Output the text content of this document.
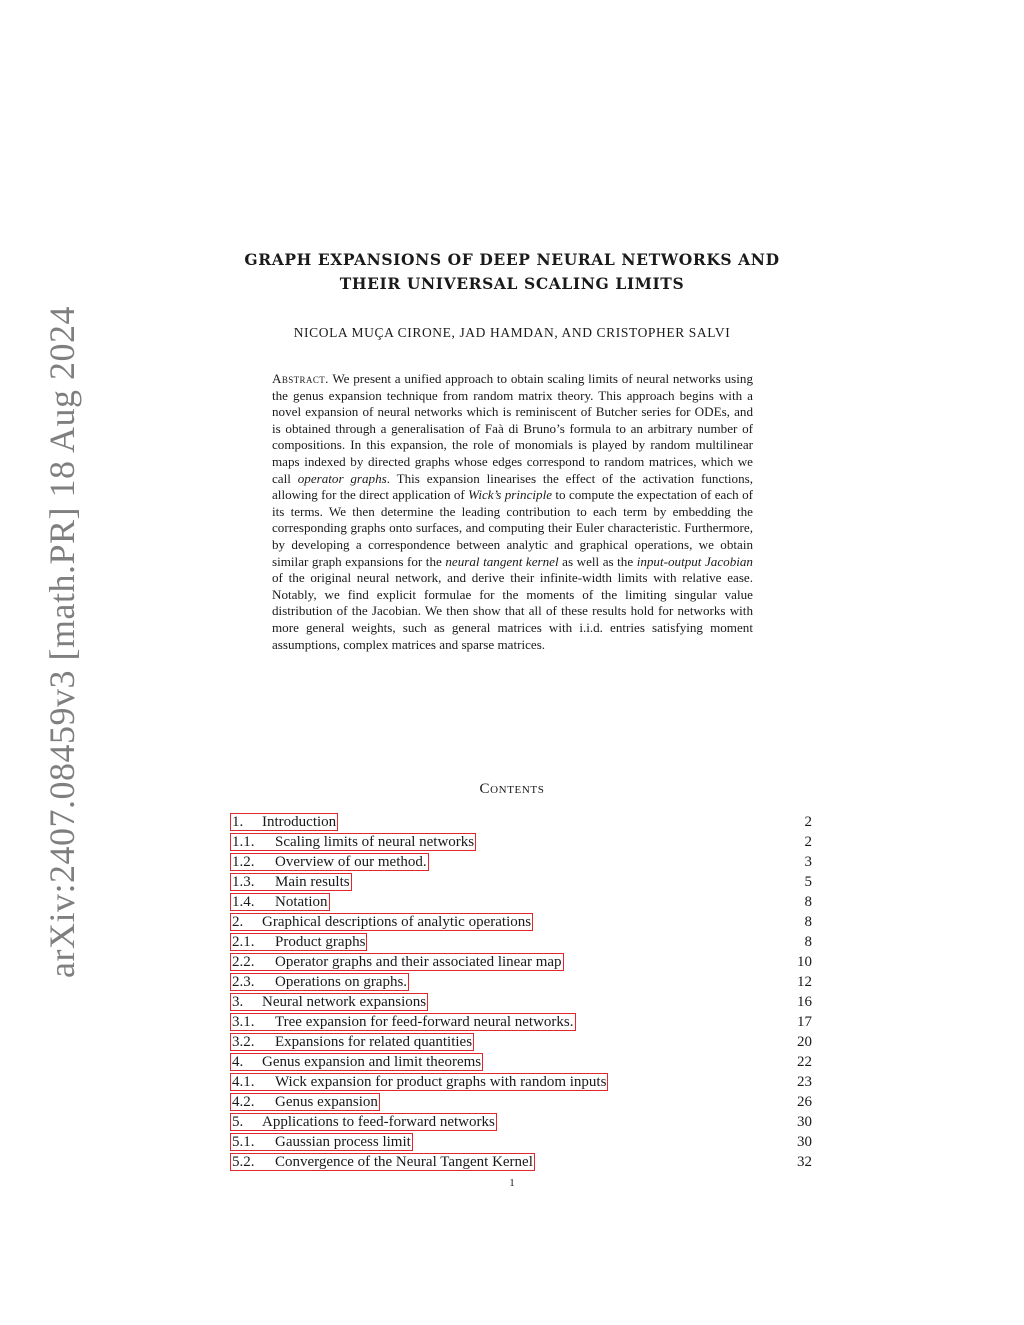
arXiv:2407.08459v3 [math.PR] 18 Aug 2024
GRAPH EXPANSIONS OF DEEP NEURAL NETWORKS AND
THEIR UNIVERSAL SCALING LIMITS
NICOLA MUÇA CIRONE, JAD HAMDAN, AND CRISTOPHER SALVI
Abstract. We present a unified approach to obtain scaling limits of neural networks using the genus expansion technique from random matrix theory. This approach begins with a novel expansion of neural networks which is reminiscent of Butcher series for ODEs, and is obtained through a generalisation of Faà di Bruno’s formula to an arbitrary number of compositions. In this expansion, the role of monomials is played by random multilinear maps indexed by directed graphs whose edges correspond to random matrices, which we call operator graphs. This expansion linearises the effect of the activation functions, allowing for the direct application of Wick’s principle to compute the expectation of each of its terms. We then determine the leading contribution to each term by embedding the corresponding graphs onto surfaces, and computing their Euler characteristic. Furthermore, by developing a correspondence between analytic and graphical operations, we obtain similar graph expansions for the neural tangent kernel as well as the input-output Jacobian of the original neural network, and derive their infinite-width limits with relative ease. Notably, we find explicit formulae for the moments of the limiting singular value distribution of the Jacobian. We then show that all of these results hold for networks with more general weights, such as general matrices with i.i.d. entries satisfying moment assumptions, complex matrices and sparse matrices.
Contents
1. Introduction	2
1.1. Scaling limits of neural networks	2
1.2. Overview of our method.	3
1.3. Main results	5
1.4. Notation	8
2. Graphical descriptions of analytic operations	8
2.1. Product graphs	8
2.2. Operator graphs and their associated linear map	10
2.3. Operations on graphs.	12
3. Neural network expansions	16
3.1. Tree expansion for feed-forward neural networks.	17
3.2. Expansions for related quantities	20
4. Genus expansion and limit theorems	22
4.1. Wick expansion for product graphs with random inputs	23
4.2. Genus expansion	26
5. Applications to feed-forward networks	30
5.1. Gaussian process limit	30
5.2. Convergence of the Neural Tangent Kernel	32
1
